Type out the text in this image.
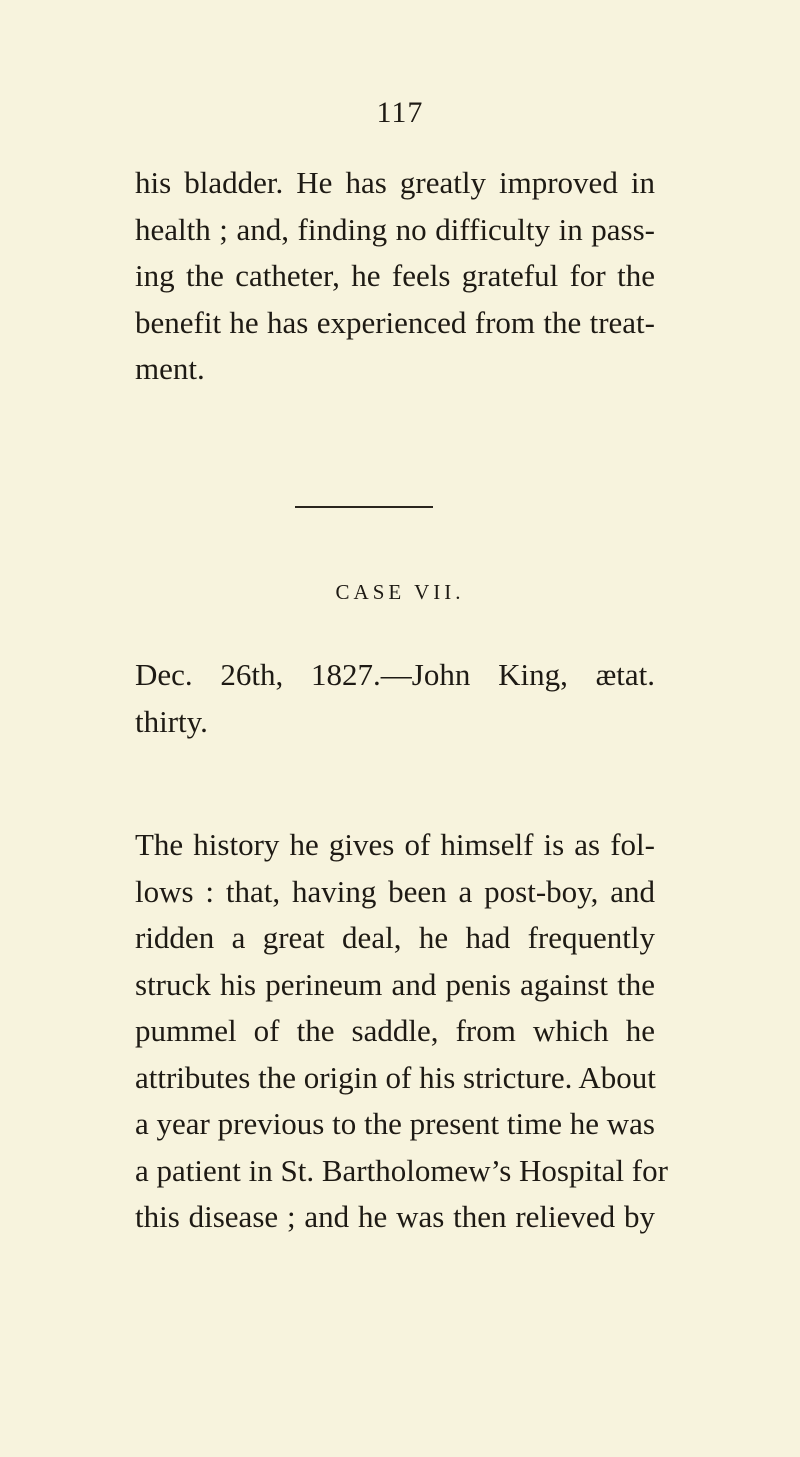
117
his bladder. He has greatly improved in
health ; and, finding no difficulty in pass-
ing the catheter, he feels grateful for the
benefit he has experienced from the treat-
ment.
CASE VII.
Dec. 26th, 1827.—John King, ætat.
thirty.
The history he gives of himself is as fol-
lows : that, having been a post-boy, and
ridden a great deal, he had frequently
struck his perineum and penis against the
pummel of the saddle, from which he
attributes the origin of his stricture. About
a year previous to the present time he was
a patient in St. Bartholomew’s Hospital for
this disease ; and he was then relieved by
